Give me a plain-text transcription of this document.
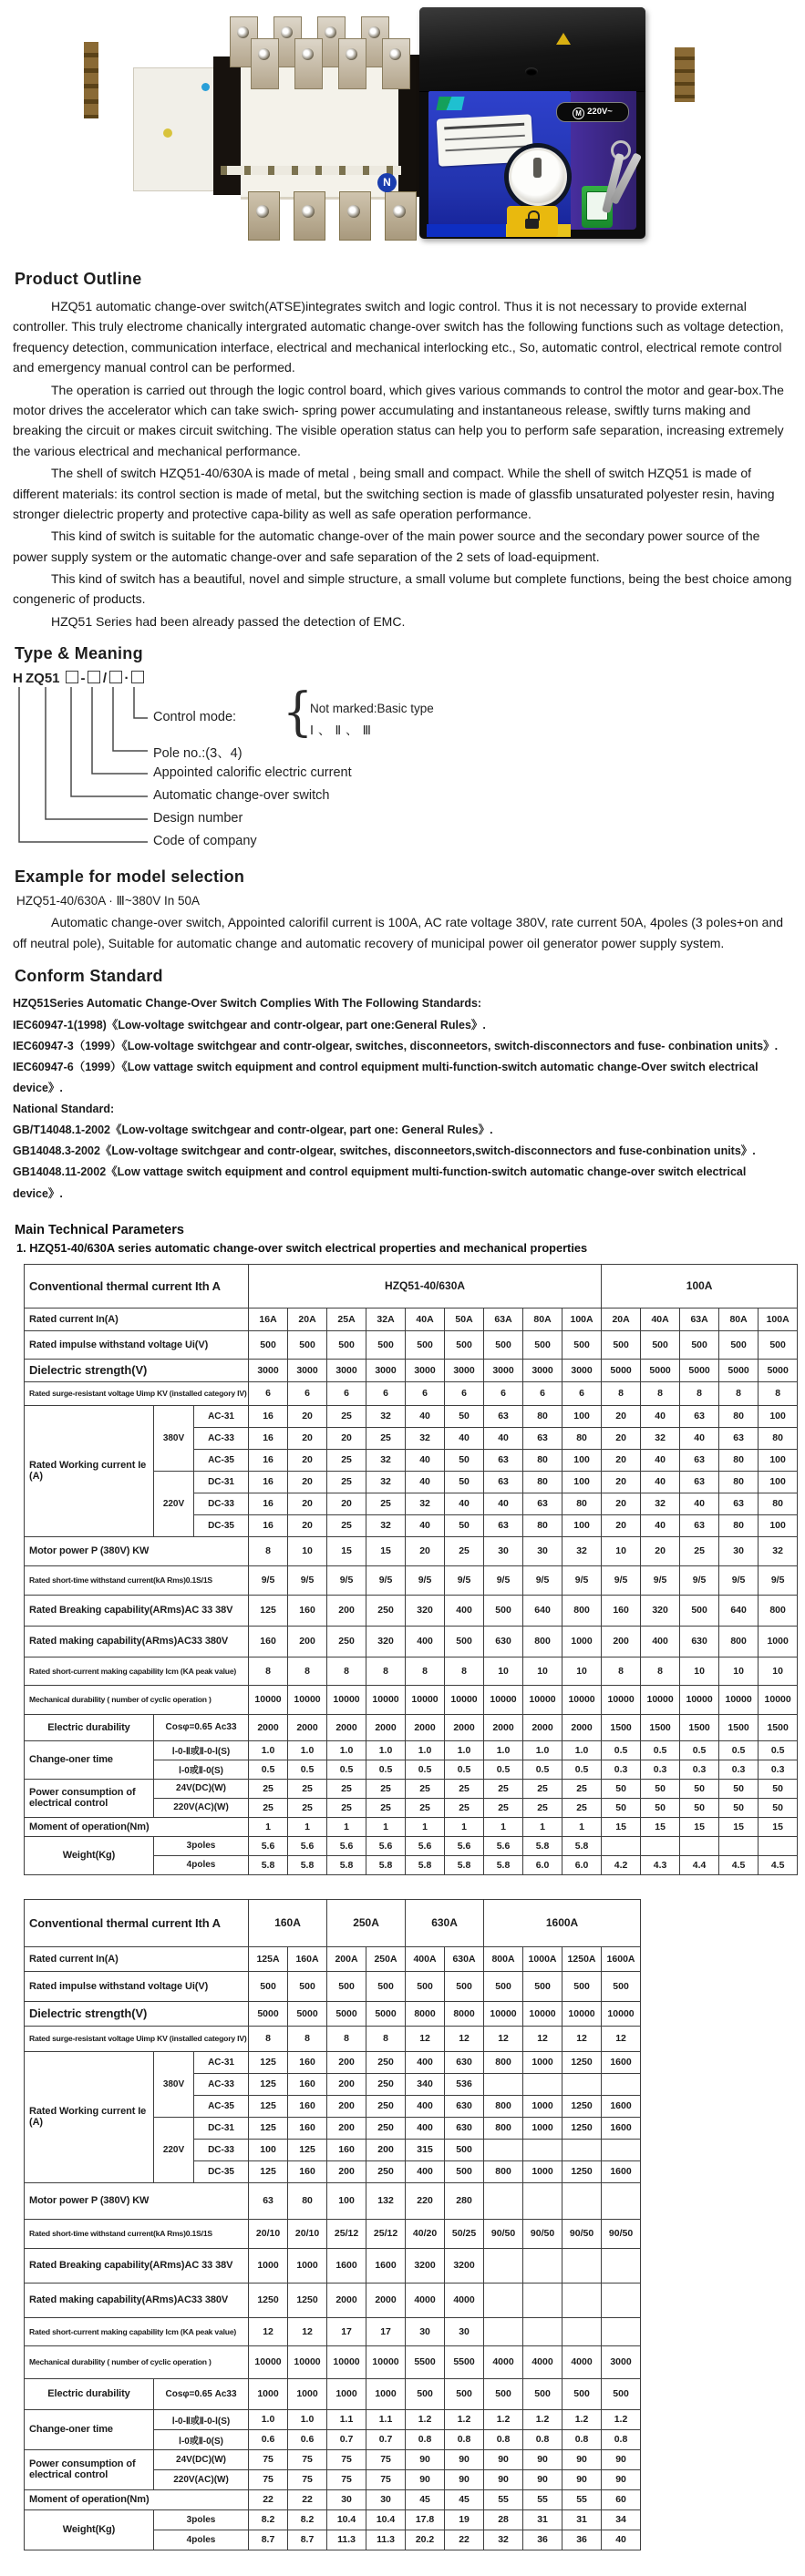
N
M 220V~
Product Outline

HZQ51 automatic change-over switch(ATSE)integrates switch and logic control. Thus it is not necessary to provide external controller. This truly electrome chanically intergrated automatic change-over switch has the following functions such as voltage detection, frequency detection, communication interface, electrical and mechanical interlocking etc., So, automatic control, electrical remote control and emergency manual control can be performed.

The operation is carried out through the logic control board, which gives various commands to control the motor and gear-box.The motor drives the accelerator which can take swich- spring power accumulating and instantaneous release, swiftly turns making and breaking the circuit or makes circuit switching. The visible operation status can help you to perform safe separation, increasing extremely the various electrical and mechanical performance.

The shell of switch HZQ51-40/630A is made of metal , being small and compact. While the shell of switch HZQ51 is made of different materials: its control section is made of metal, but the switching section is made of glassfib unsaturated polyester resin, having stronger dielectric property and protective capa-bility as well as safe operation performance.

This kind of switch is suitable for the automatic change-over of the main power source and the secondary power source of the power supply system or the automatic change-over and safe separation of the 2 sets of load-equipment.

This kind of switch has a beautiful, novel and simple structure, a small volume but complete functions, being the best choice among congeneric of products.

HZQ51 Series had been already passed the detection of EMC.

Type & Meaning
H ZQ51 - / ·
Control mode:
Pole no.:(3、4)
Appointed calorific electric current
Automatic change-over switch
Design number
Code of company
{
Not marked:Basic type
Ⅰ、Ⅱ、Ⅲ
Example for model selection
HZQ51-40/630A · Ⅲ~380V In 50A

Automatic change-over switch, Appointed calorifil current is 100A, AC rate voltage 380V, rate current 50A, 4poles (3 poles+on and off neutral pole), Suitable for automatic change and automatic recovery of municipal power oil generator power supply system.

Conform Standard
HZQ51Series Automatic Change-Over Switch Complies With The Following Standards:
IEC60947-1(1998)《Low-voltage switchgear and contr-olgear, part one:General Rules》.
IEC60947-3（1999）《Low-voltage switchgear and contr-olgear, switches, disconneetors, switch-disconnectors and fuse- conbination units》.
IEC60947-6（1999）《Low vattage switch equipment and control equipment multi-function-switch automatic change-Over switch electrical device》.
National Standard:
GB/T14048.1-2002《Low-voltage switchgear and contr-olgear, part one: General Rules》.
GB14048.3-2002《Low-voltage switchgear and contr-olgear, switches, disconneetors,switch-disconnectors and fuse-conbination units》.
GB14048.11-2002《Low vattage switch equipment and control equipment multi-function-switch automatic change-over switch electrical device》.
Main Technical Parameters
1. HZQ51-40/630A series automatic change-over switch electrical properties and mechanical properties
Conventional thermal current Ith A			HZQ51-40/630A									100A				
Rated current In(A)			16A	20A	25A	32A	40A	50A	63A	80A	100A	20A	40A	63A	80A	100A
Rated impulse withstand voltage Ui(V)			500	500	500	500	500	500	500	500	500	500	500	500	500	500
Dielectric strength(V)			3000	3000	3000	3000	3000	3000	3000	3000	3000	5000	5000	5000	5000	5000
Rated surge-resistant voltage Uimp KV (installed category IV)			6	6	6	6	6	6	6	6	6	8	8	8	8	8
Rated Working current Ie (A)	380V	AC-31	16	20	25	32	40	50	63	80	100	20	40	63	80	100
		AC-33	16	20	20	25	32	40	40	63	80	20	32	40	63	80
		AC-35	16	20	25	32	40	50	63	80	100	20	40	63	80	100
	220V	DC-31	16	20	25	32	40	50	63	80	100	20	40	63	80	100
		DC-33	16	20	20	25	32	40	40	63	80	20	32	40	63	80
		DC-35	16	20	25	32	40	50	63	80	100	20	40	63	80	100
Motor power P (380V) KW			8	10	15	15	20	25	30	30	32	10	20	25	30	32
Rated short-time withstand current(kA Rms)0.1S/1S			9/5	9/5	9/5	9/5	9/5	9/5	9/5	9/5	9/5	9/5	9/5	9/5	9/5	9/5
Rated Breaking capability(ARms)AC 33 38V			125	160	200	250	320	400	500	640	800	160	320	500	640	800
Rated making capability(ARms)AC33 380V			160	200	250	320	400	500	630	800	1000	200	400	630	800	1000
Rated short-current making capability Icm (KA peak value)			8	8	8	8	8	8	10	10	10	8	8	10	10	10
Mechanical durability ( number of cyclic operation )			10000	10000	10000	10000	10000	10000	10000	10000	10000	10000	10000	10000	10000	10000
Electric durability	Cosφ=0.65 Ac33		2000	2000	2000	2000	2000	2000	2000	2000	2000	1500	1500	1500	1500	1500
Change-oner time	Ⅰ-0-Ⅱ或Ⅱ-0-Ⅰ(S)		1.0	1.0	1.0	1.0	1.0	1.0	1.0	1.0	1.0	0.5	0.5	0.5	0.5	0.5
	Ⅰ-0或Ⅱ-0(S)		0.5	0.5	0.5	0.5	0.5	0.5	0.5	0.5	0.5	0.3	0.3	0.3	0.3	0.3
Power consumption of electrical control	24V(DC)(W)		25	25	25	25	25	25	25	25	25	50	50	50	50	50
	220V(AC)(W)		25	25	25	25	25	25	25	25	25	50	50	50	50	50
Moment of operation(Nm)			1	1	1	1	1	1	1	1	1	15	15	15	15	15
Weight(Kg)	3poles		5.6	5.6	5.6	5.6	5.6	5.6	5.6	5.8	5.8					
	4poles		5.8	5.8	5.8	5.8	5.8	5.8	5.8	6.0	6.0	4.2	4.3	4.4	4.5	4.5
Conventional thermal current Ith A			160A		250A		630A		1600A			
Rated current In(A)			125A	160A	200A	250A	400A	630A	800A	1000A	1250A	1600A
Rated impulse withstand voltage Ui(V)			500	500	500	500	500	500	500	500	500	500
Dielectric strength(V)			5000	5000	5000	5000	8000	8000	10000	10000	10000	10000
Rated surge-resistant voltage Uimp KV (installed category IV)			8	8	8	8	12	12	12	12	12	12
Rated Working current Ie (A)	380V	AC-31	125	160	200	250	400	630	800	1000	1250	1600
		AC-33	125	160	200	250	340	536				
		AC-35	125	160	200	250	400	630	800	1000	1250	1600
	220V	DC-31	125	160	200	250	400	630	800	1000	1250	1600
		DC-33	100	125	160	200	315	500				
		DC-35	125	160	200	250	400	500	800	1000	1250	1600
Motor power P (380V) KW			63	80	100	132	220	280				
Rated short-time withstand current(kA Rms)0.1S/1S			20/10	20/10	25/12	25/12	40/20	50/25	90/50	90/50	90/50	90/50
Rated Breaking capability(ARms)AC 33 38V			1000	1000	1600	1600	3200	3200				
Rated making capability(ARms)AC33 380V			1250	1250	2000	2000	4000	4000				
Rated short-current making capability Icm (KA peak value)			12	12	17	17	30	30				
Mechanical durability ( number of cyclic operation )			10000	10000	10000	10000	5500	5500	4000	4000	4000	3000
Electric durability	Cosφ=0.65 Ac33		1000	1000	1000	1000	500	500	500	500	500	500
Change-oner time	Ⅰ-0-Ⅱ或Ⅱ-0-Ⅰ(S)		1.0	1.0	1.1	1.1	1.2	1.2	1.2	1.2	1.2	1.2
	Ⅰ-0或Ⅱ-0(S)		0.6	0.6	0.7	0.7	0.8	0.8	0.8	0.8	0.8	0.8
Power consumption of electrical control	24V(DC)(W)		75	75	75	75	90	90	90	90	90	90
	220V(AC)(W)		75	75	75	75	90	90	90	90	90	90
Moment of operation(Nm)			22	22	30	30	45	45	55	55	55	60
Weight(Kg)	3poles		8.2	8.2	10.4	10.4	17.8	19	28	31	31	34
	4poles		8.7	8.7	11.3	11.3	20.2	22	32	36	36	40
